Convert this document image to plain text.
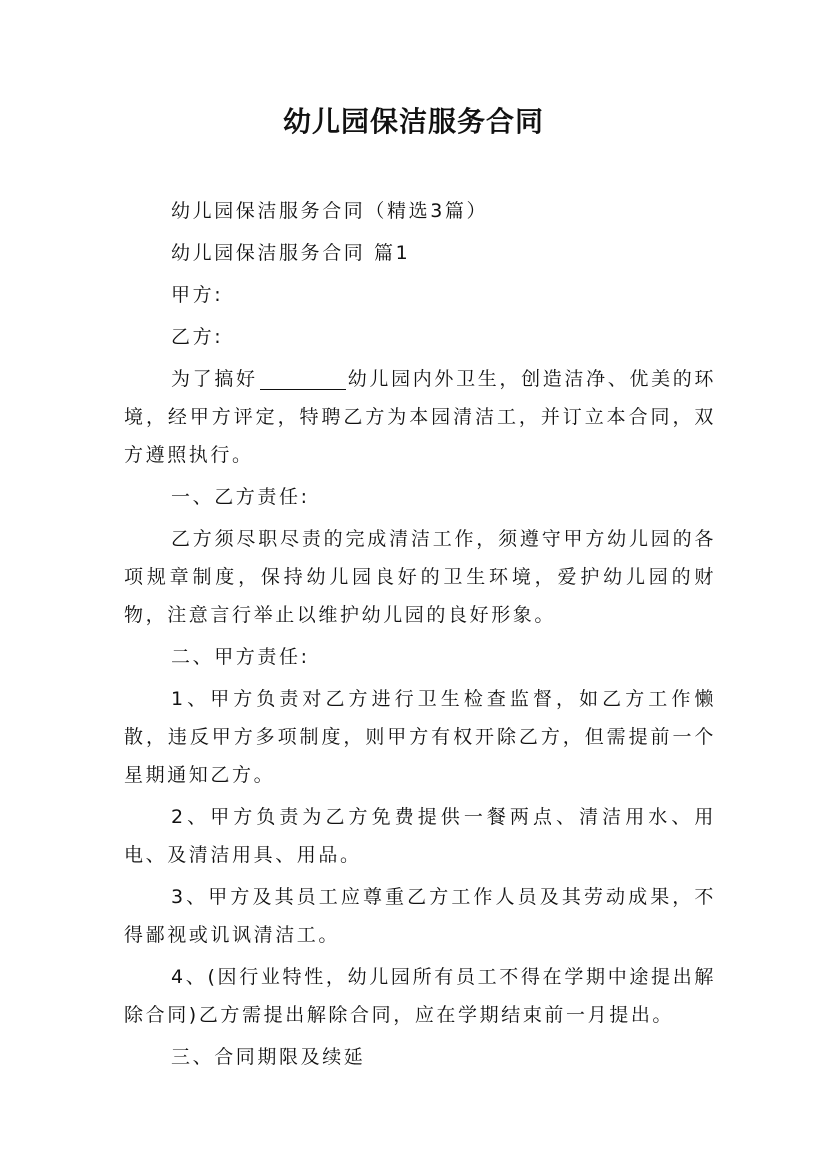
幼儿园保洁服务合同

幼儿园保洁服务合同（精选3篇）

幼儿园保洁服务合同 篇1

甲方:

乙方:

为了搞好	幼儿园内外卫生，创造洁净、优美的环境，经甲方评定，特聘乙方为本园清洁工，并订立本合同，双方遵照执行。

一、乙方责任:

乙方须尽职尽责的完成清洁工作，须遵守甲方幼儿园的各项规章制度，保持幼儿园良好的卫生环境，爱护幼儿园的财物，注意言行举止以维护幼儿园的良好形象。

二、甲方责任:

1、甲方负责对乙方进行卫生检查监督，如乙方工作懒散，违反甲方多项制度，则甲方有权开除乙方，但需提前一个星期通知乙方。

2、甲方负责为乙方免费提供一餐两点、清洁用水、用电、及清洁用具、用品。

3、甲方及其员工应尊重乙方工作人员及其劳动成果，不得鄙视或讥讽清洁工。

4、(因行业特性，幼儿园所有员工不得在学期中途提出解除合同)乙方需提出解除合同，应在学期结束前一月提出。

三、合同期限及续延
